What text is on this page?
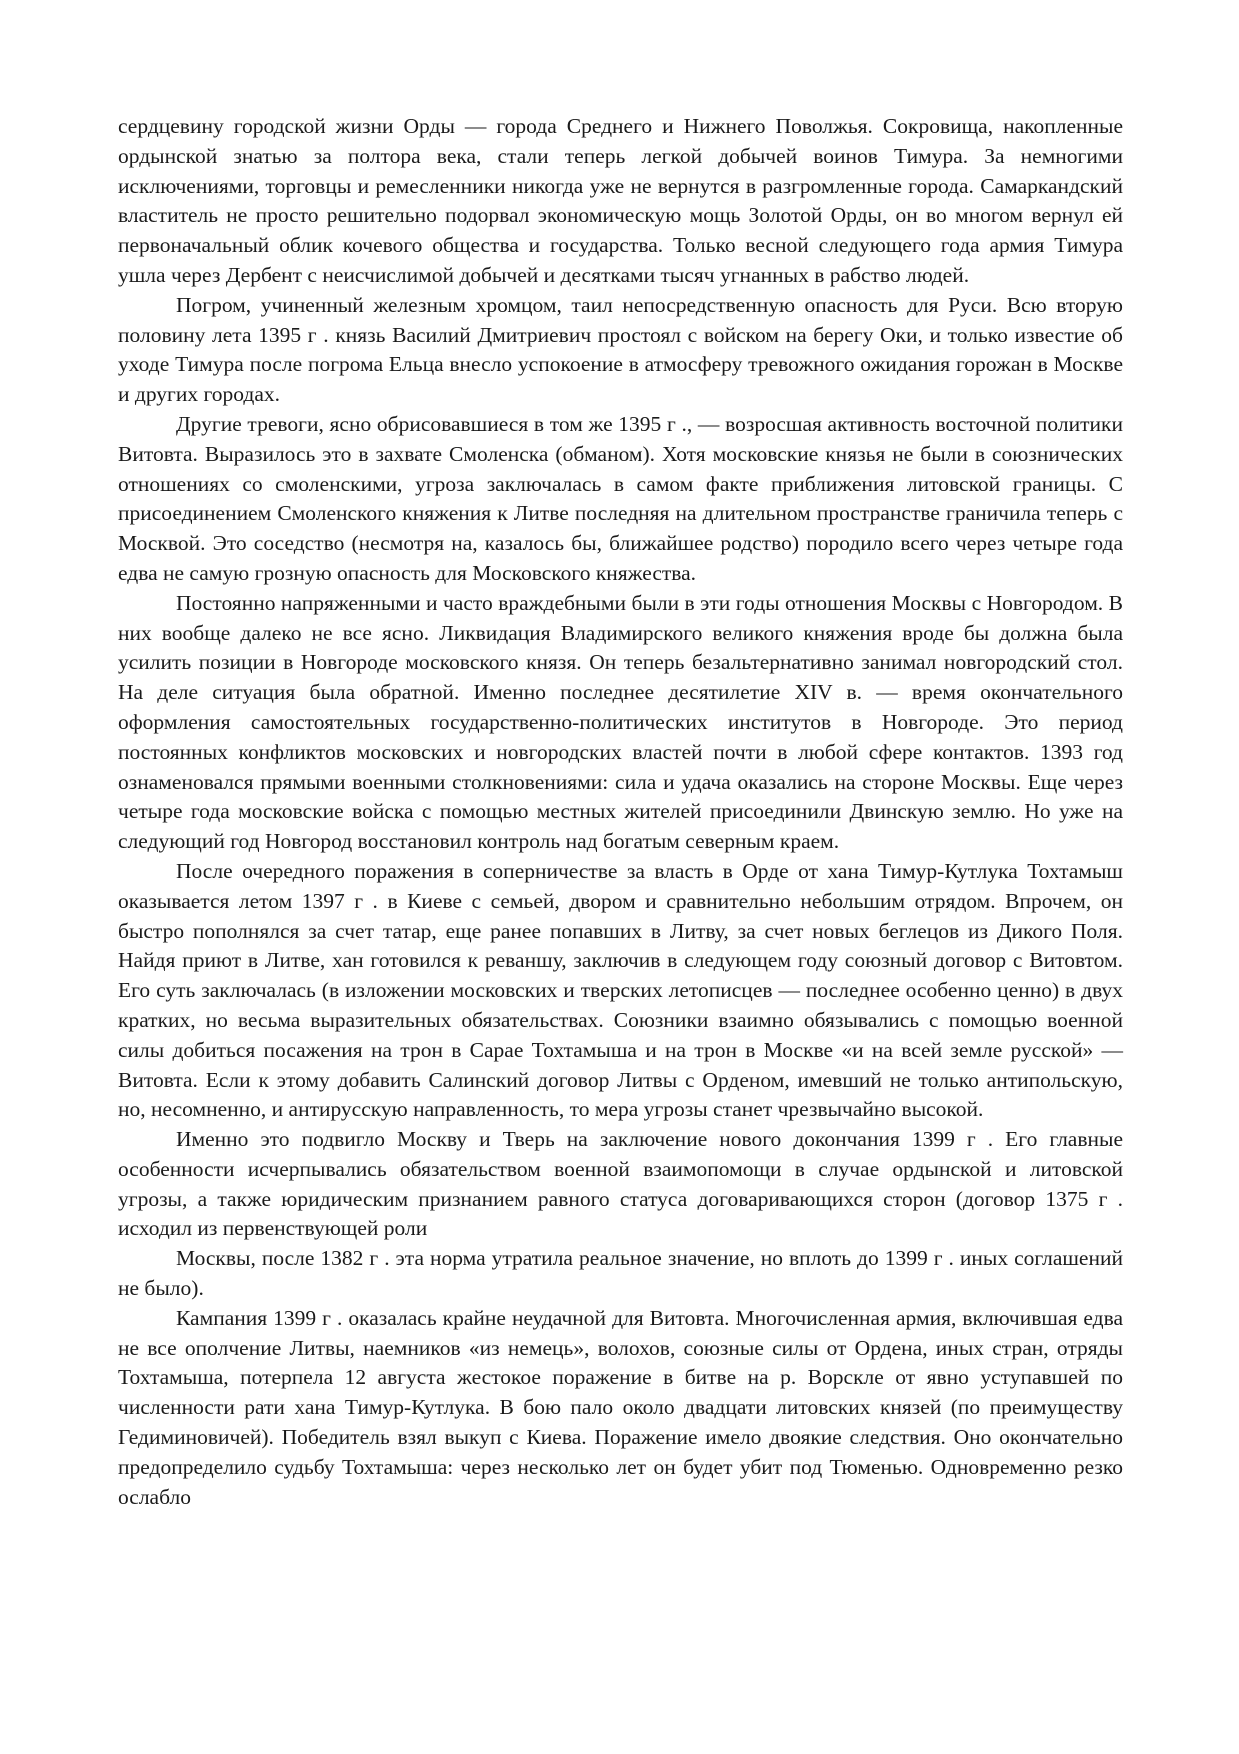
сердцевину городской жизни Орды — города Среднего и Нижнего Поволжья. Сокровища, накопленные ордынской знатью за полтора века, стали теперь легкой добычей воинов Тимура. За немногими исключениями, торговцы и ремесленники никогда уже не вернутся в разгромленные города. Самаркандский властитель не просто решительно подорвал экономическую мощь Золотой Орды, он во многом вернул ей первоначальный облик кочевого общества и государства. Только весной следующего года армия Тимура ушла через Дербент с неисчислимой добычей и десятками тысяч угнанных в рабство людей.

Погром, учиненный железным хромцом, таил непосредственную опасность для Руси. Всю вторую половину лета 1395 г . князь Василий Дмитриевич простоял с войском на берегу Оки, и только известие об уходе Тимура после погрома Ельца внесло успокоение в атмосферу тревожного ожидания горожан в Москве и других городах.

Другие тревоги, ясно обрисовавшиеся в том же 1395 г ., — возросшая активность восточной политики Витовта. Выразилось это в захвате Смоленска (обманом). Хотя московские князья не были в союзнических отношениях со смоленскими, угроза заключалась в самом факте приближения литовской границы. С присоединением Смоленского княжения к Литве последняя на длительном пространстве граничила теперь с Москвой. Это соседство (несмотря на, казалось бы, ближайшее родство) породило всего через четыре года едва не самую грозную опасность для Московского княжества.

Постоянно напряженными и часто враждебными были в эти годы отношения Москвы с Новгородом. В них вообще далеко не все ясно. Ликвидация Владимирского великого княжения вроде бы должна была усилить позиции в Новгороде московского князя. Он теперь безальтернативно занимал новгородский стол. На деле ситуация была обратной. Именно последнее десятилетие XIV в. — время окончательного оформления самостоятельных государственно-политических институтов в Новгороде. Это период постоянных конфликтов московских и новгородских властей почти в любой сфере контактов. 1393 год ознаменовался прямыми военными столкновениями: сила и удача оказались на стороне Москвы. Еще через четыре года московские войска с помощью местных жителей присоединили Двинскую землю. Но уже на следующий год Новгород восстановил контроль над богатым северным краем.

После очередного поражения в соперничестве за власть в Орде от хана Тимур-Кутлука Тохтамыш оказывается летом 1397 г . в Киеве с семьей, двором и сравнительно небольшим отрядом. Впрочем, он быстро пополнялся за счет татар, еще ранее попавших в Литву, за счет новых беглецов из Дикого Поля. Найдя приют в Литве, хан готовился к реваншу, заключив в следующем году союзный договор с Витовтом. Его суть заключалась (в изложении московских и тверских летописцев — последнее особенно ценно) в двух кратких, но весьма выразительных обязательствах. Союзники взаимно обязывались с помощью военной силы добиться посажения на трон в Сарае Тохтамыша и на трон в Москве «и на всей земле русской» — Витовта. Если к этому добавить Салинский договор Литвы с Орденом, имевший не только антипольскую, но, несомненно, и антирусскую направленность, то мера угрозы станет чрезвычайно высокой.

Именно это подвигло Москву и Тверь на заключение нового докончания 1399 г . Его главные особенности исчерпывались обязательством военной взаимопомощи в случае ордынской и литовской угрозы, а также юридическим признанием равного статуса договаривающихся сторон (договор 1375 г . исходил из первенствующей роли

Москвы, после 1382 г . эта норма утратила реальное значение, но вплоть до 1399 г . иных соглашений не было).

Кампания 1399 г . оказалась крайне неудачной для Витовта. Многочисленная армия, включившая едва не все ополчение Литвы, наемников «из немець», волохов, союзные силы от Ордена, иных стран, отряды Тохтамыша, потерпела 12 августа жестокое поражение в битве на р. Ворскле от явно уступавшей по численности рати хана Тимур-Кутлука. В бою пало около двадцати литовских князей (по преимуществу Гедиминовичей). Победитель взял выкуп с Киева. Поражение имело двоякие следствия. Оно окончательно предопределило судьбу Тохтамыша: через несколько лет он будет убит под Тюменью. Одновременно резко ослабло
